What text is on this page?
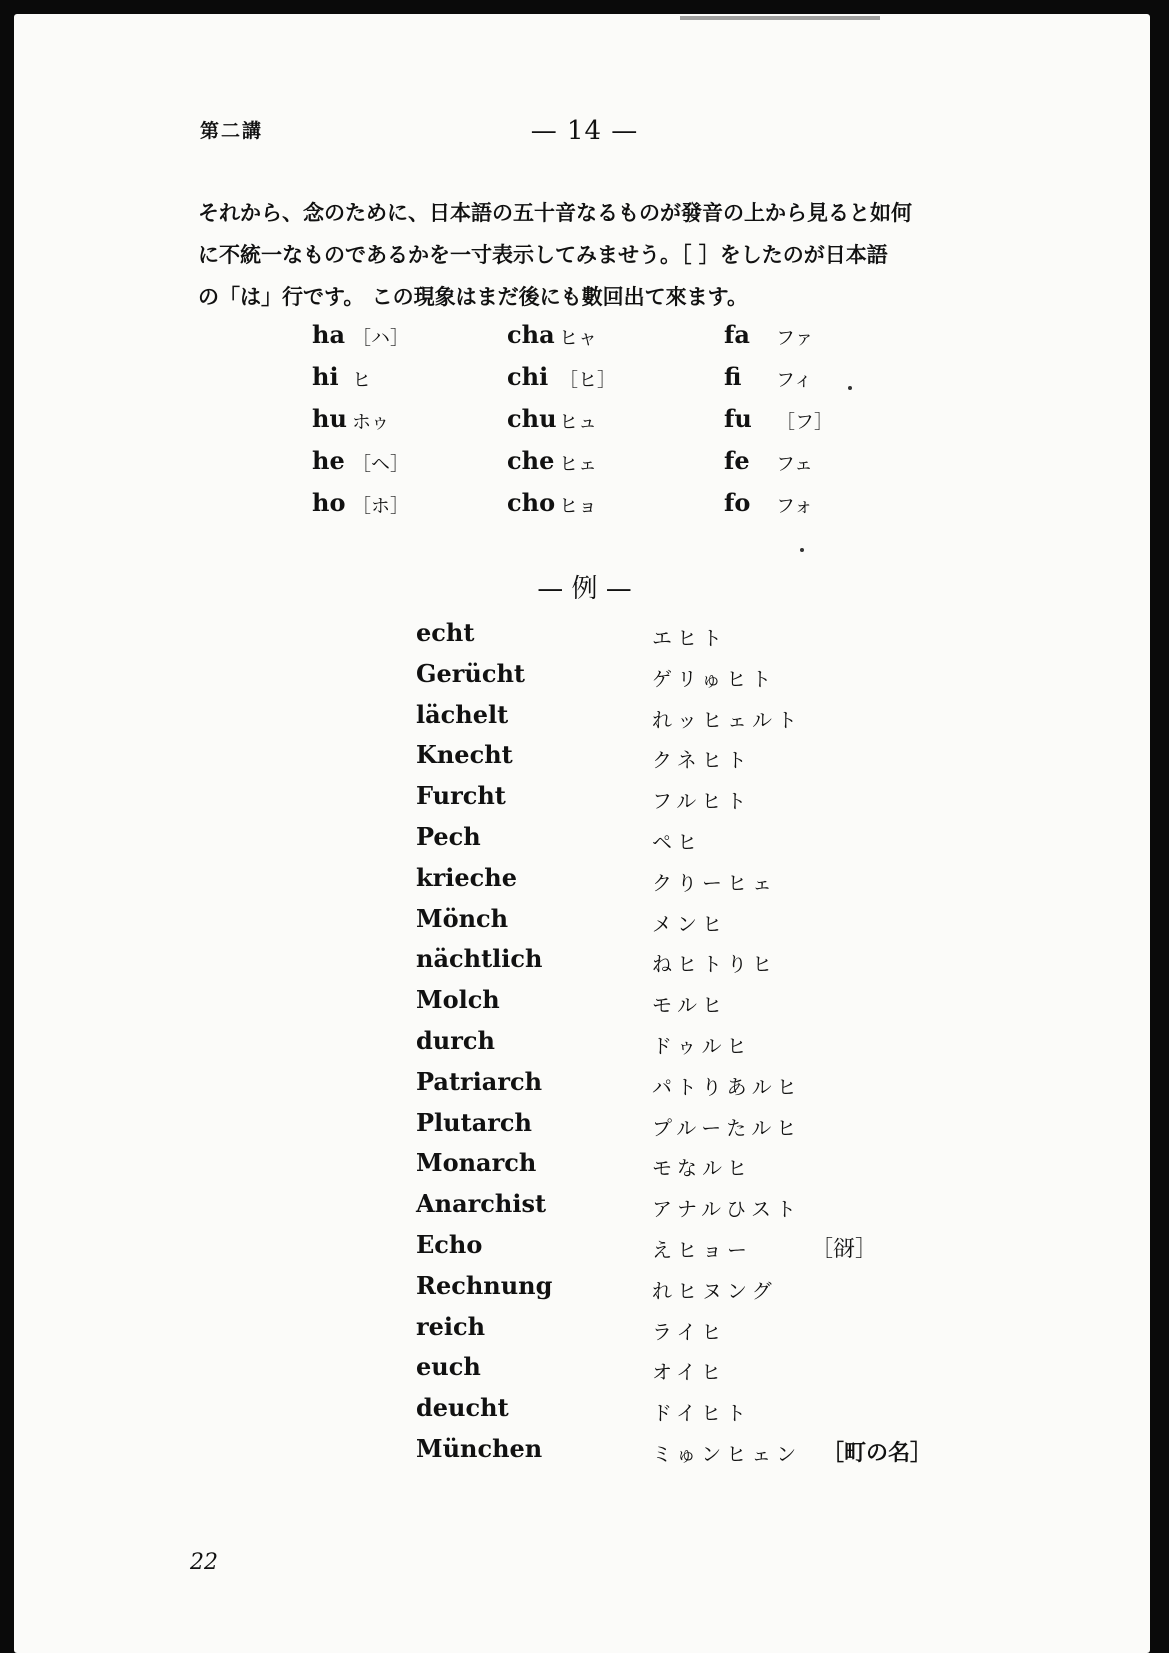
第二講	— 14 —
それから、念のために、日本語の五十音なるものが發音の上から見ると如何
に不統一なものであるかを一寸表示してみませう。［ ］をしたのが日本語
の「は」行です。 この現象はまだ後にも數回出て來ます。
ha ［ハ］	cha ヒャ	fa ファ
hi ヒ	chi ［ヒ］	fi フィ
hu ホゥ	chu ヒュ	fu ［フ］
he ［ヘ］	che ヒェ	fe フェ
ho ［ホ］	cho ヒョ	fo フォ
— 例 —
echt	エヒト
Gerücht	ゲリゅヒト
lächelt	れッヒェルト
Knecht	クネヒト
Furcht	フルヒト
Pech	ペヒ
krieche	クりーヒェ
Mönch	メンヒ
nächtlich	ねヒトりヒ
Molch	モルヒ
durch	ドゥルヒ
Patriarch	パトりあルヒ
Plutarch	プルーたルヒ
Monarch	モなルヒ
Anarchist	アナルひスト
Echo	えヒョー	［谺］
Rechnung	れヒヌング
reich	ライヒ
euch	オイヒ
deucht	ドイヒト
München	ミゅンヒェン ［町の名］
22
